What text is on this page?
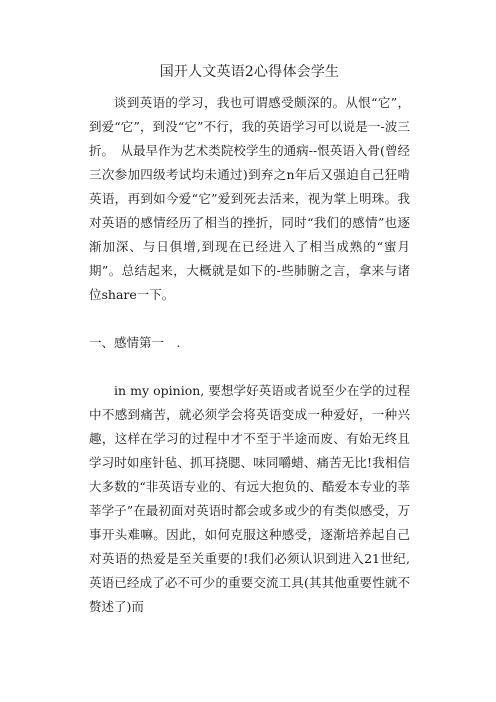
国开人文英语2心得体会学生

谈到英语的学习，我也可谓感受颇深的。从恨“它”，到爱“它”，到没“它”不行，我的英语学习可以说是一-波三折。　从最早作为艺术类院校学生的通病--恨英语入骨(曾经三次参加四级考试均未通过)到弃之n年后又强迫自己狂啃英语，再到如今爱“它”爱到死去活来，视为掌上明珠。我对英语的感情经历了相当的挫折，同时“我们的感情”也逐渐加深、与日俱增,到现在已经进入了相当成熟的“蜜月期”。总结起来，大概就是如下的-些肺腑之言，拿来与诸位share一下。

一、感情第一　.

in my opinion, 要想学好英语或者说至少在学的过程中不感到痛苦，就必须学会将英语变成一种爱好，一种兴趣，这样在学习的过程中才不至于半途而废、有始无终且学习时如座针毡、抓耳挠腮、味同嚼蜡、痛苦无比!我相信大多数的“非英语专业的、有远大抱负的、酷爱本专业的莘莘学子”在最初面对英语时都会或多或少的有类似感受，万事开头难嘛。因此，如何克服这种感受，逐渐培养起自己对英语的热爱是至关重要的!我们必须认识到进入21世纪,英语已经成了必不可少的重要交流工具(其其他重要性就不赘述了)而
